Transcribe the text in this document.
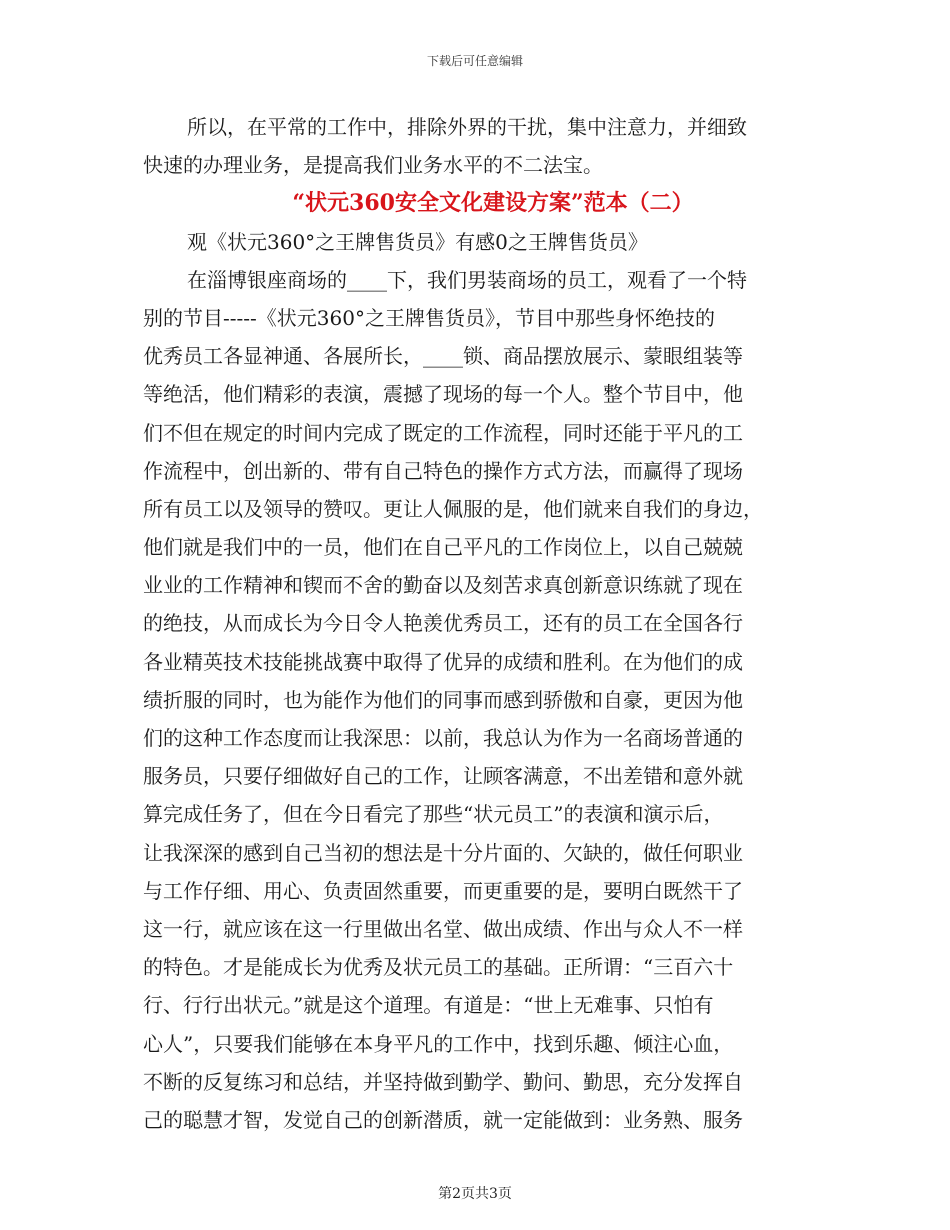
下载后可任意编辑
所以，在平常的工作中，排除外界的干扰，集中注意力，并细致
快速的办理业务，是提高我们业务水平的不二法宝。
“状元360安全文化建设方案”范本（二）
观《状元360°之王牌售货员》有感0之王牌售货员》
在淄博银座商场的____下，我们男装商场的员工，观看了一个特
别的节目-----《状元360°之王牌售货员》，节目中那些身怀绝技的
优秀员工各显神通、各展所长，____锁、商品摆放展示、蒙眼组装等
等绝活，他们精彩的表演，震撼了现场的每一个人。整个节目中，他
们不但在规定的时间内完成了既定的工作流程，同时还能于平凡的工
作流程中，创出新的、带有自己特色的操作方式方法，而赢得了现场
所有员工以及领导的赞叹。更让人佩服的是，他们就来自我们的身边，
他们就是我们中的一员，他们在自己平凡的工作岗位上，以自己兢兢
业业的工作精神和锲而不舍的勤奋以及刻苦求真创新意识练就了现在
的绝技，从而成长为今日令人艳羡优秀员工，还有的员工在全国各行
各业精英技术技能挑战赛中取得了优异的成绩和胜利。在为他们的成
绩折服的同时，也为能作为他们的同事而感到骄傲和自豪，更因为他
们的这种工作态度而让我深思：以前，我总认为作为一名商场普通的
服务员，只要仔细做好自己的工作，让顾客满意，不出差错和意外就
算完成任务了，但在今日看完了那些“状元员工”的表演和演示后，
让我深深的感到自己当初的想法是十分片面的、欠缺的，做任何职业
与工作仔细、用心、负责固然重要，而更重要的是，要明白既然干了
这一行，就应该在这一行里做出名堂、做出成绩、作出与众人不一样
的特色。才是能成长为优秀及状元员工的基础。正所谓：“三百六十
行、行行出状元。”就是这个道理。有道是：“世上无难事、只怕有
心人”，只要我们能够在本身平凡的工作中，找到乐趣、倾注心血，
不断的反复练习和总结，并坚持做到勤学、勤问、勤思，充分发挥自
己的聪慧才智，发觉自己的创新潜质，就一定能做到：业务熟、服务
第2页共3页
